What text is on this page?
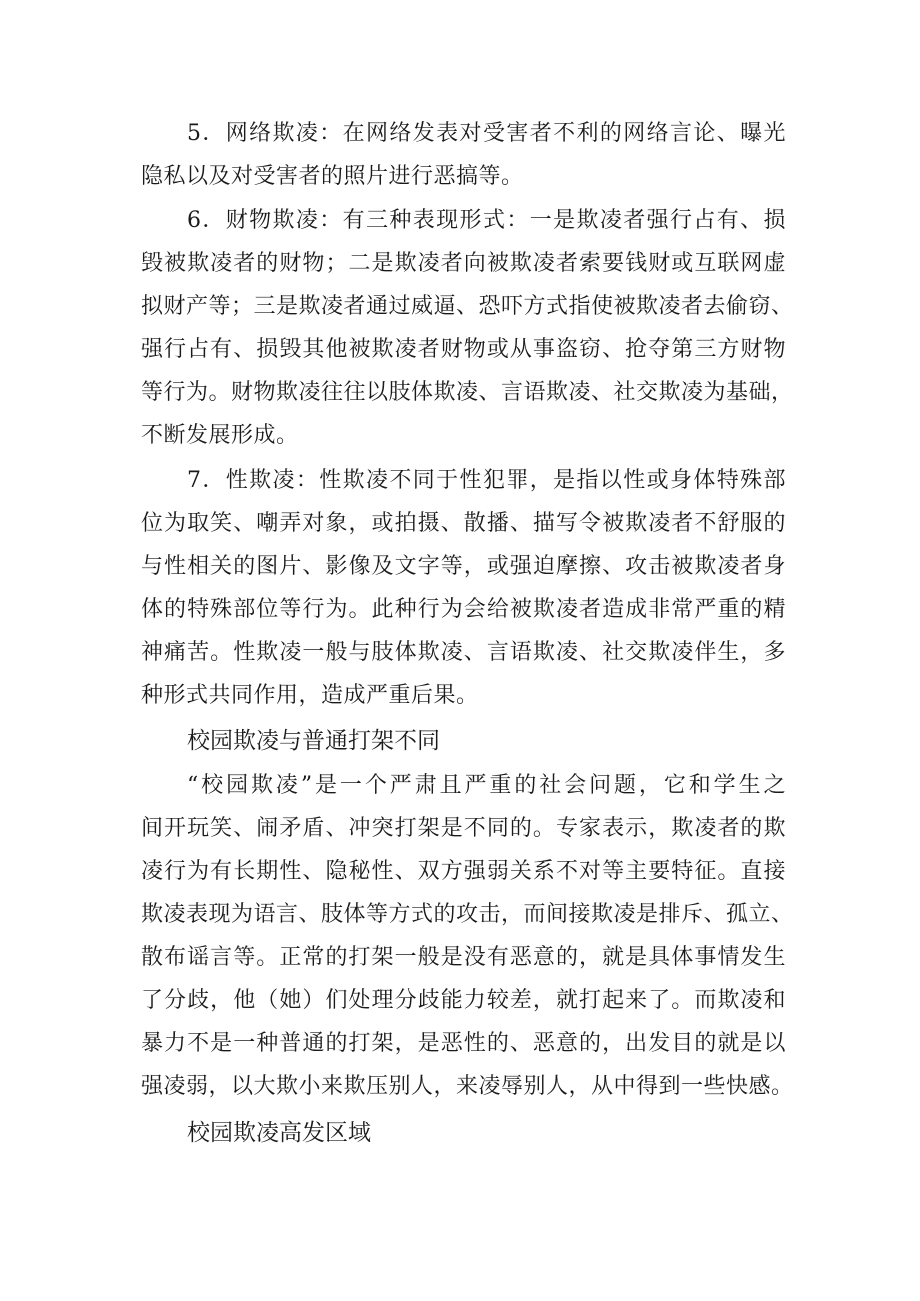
5．网络欺凌：在网络发表对受害者不利的网络言论、曝光
隐私以及对受害者的照片进行恶搞等。
6．财物欺凌：有三种表现形式：一是欺凌者强行占有、损
毁被欺凌者的财物；二是欺凌者向被欺凌者索要钱财或互联网虚
拟财产等；三是欺凌者通过威逼、恐吓方式指使被欺凌者去偷窃、
强行占有、损毁其他被欺凌者财物或从事盗窃、抢夺第三方财物
等行为。财物欺凌往往以肢体欺凌、言语欺凌、社交欺凌为基础，
不断发展形成。
7．性欺凌：性欺凌不同于性犯罪，是指以性或身体特殊部
位为取笑、嘲弄对象，或拍摄、散播、描写令被欺凌者不舒服的
与性相关的图片、影像及文字等，或强迫摩擦、攻击被欺凌者身
体的特殊部位等行为。此种行为会给被欺凌者造成非常严重的精
神痛苦。性欺凌一般与肢体欺凌、言语欺凌、社交欺凌伴生，多
种形式共同作用，造成严重后果。
校园欺凌与普通打架不同
“校园欺凌”是一个严肃且严重的社会问题，它和学生之
间开玩笑、闹矛盾、冲突打架是不同的。专家表示，欺凌者的欺
凌行为有长期性、隐秘性、双方强弱关系不对等主要特征。直接
欺凌表现为语言、肢体等方式的攻击，而间接欺凌是排斥、孤立、
散布谣言等。正常的打架一般是没有恶意的，就是具体事情发生
了分歧，他（她）们处理分歧能力较差，就打起来了。而欺凌和
暴力不是一种普通的打架，是恶性的、恶意的，出发目的就是以
强凌弱，以大欺小来欺压别人，来凌辱别人，从中得到一些快感。
校园欺凌高发区域
